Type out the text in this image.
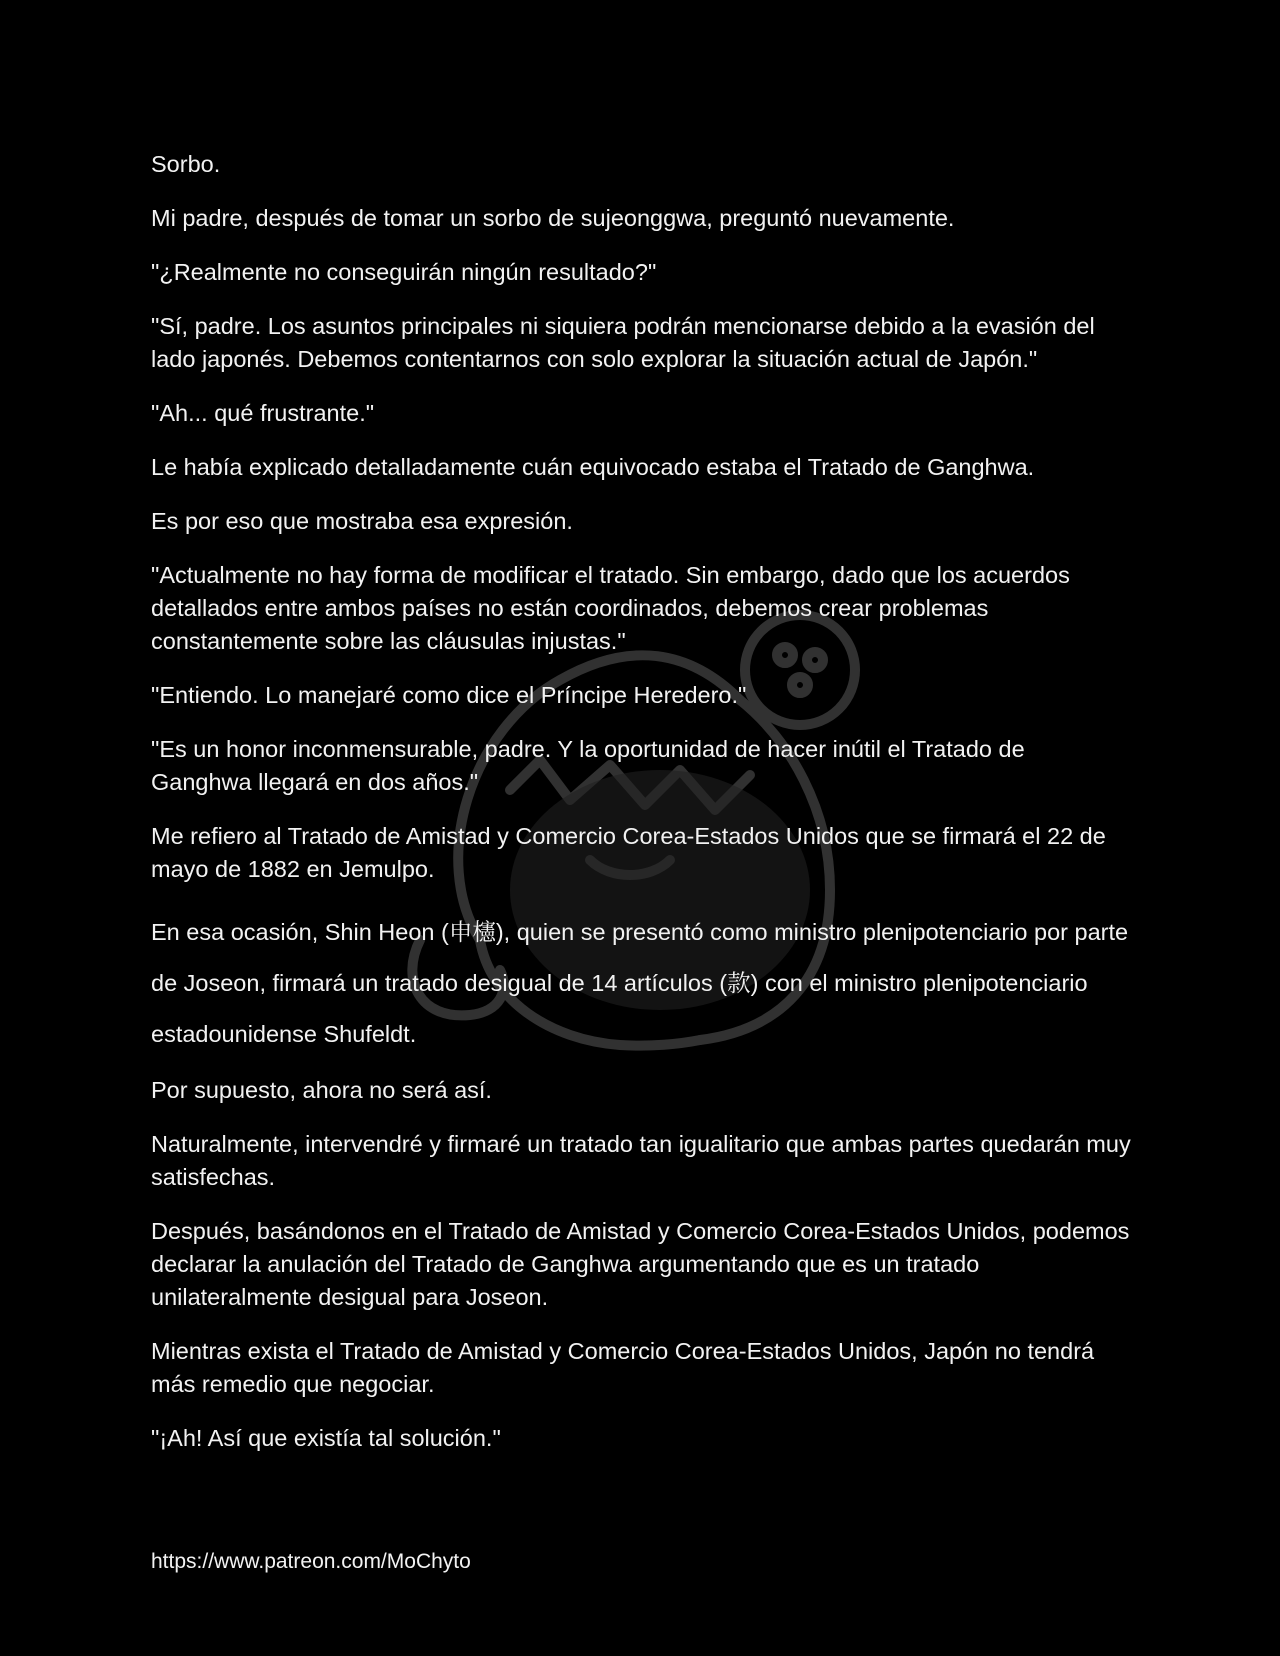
Sorbo.

Mi padre, después de tomar un sorbo de sujeonggwa, preguntó nuevamente.

"¿Realmente no conseguirán ningún resultado?"

"Sí, padre. Los asuntos principales ni siquiera podrán mencionarse debido a la evasión del lado japonés. Debemos contentarnos con solo explorar la situación actual de Japón."

"Ah... qué frustrante."

Le había explicado detalladamente cuán equivocado estaba el Tratado de Ganghwa.

Es por eso que mostraba esa expresión.

"Actualmente no hay forma de modificar el tratado. Sin embargo, dado que los acuerdos detallados entre ambos países no están coordinados, debemos crear problemas constantemente sobre las cláusulas injustas."

"Entiendo. Lo manejaré como dice el Príncipe Heredero."

"Es un honor inconmensurable, padre. Y la oportunidad de hacer inútil el Tratado de Ganghwa llegará en dos años."

Me refiero al Tratado de Amistad y Comercio Corea-Estados Unidos que se firmará el 22 de mayo de 1882 en Jemulpo.

En esa ocasión, Shin Heon (申櫶), quien se presentó como ministro plenipotenciario por parte de Joseon, firmará un tratado desigual de 14 artículos (款) con el ministro plenipotenciario estadounidense Shufeldt.

Por supuesto, ahora no será así.

Naturalmente, intervendré y firmaré un tratado tan igualitario que ambas partes quedarán muy satisfechas.

Después, basándonos en el Tratado de Amistad y Comercio Corea-Estados Unidos, podemos declarar la anulación del Tratado de Ganghwa argumentando que es un tratado unilateralmente desigual para Joseon.

Mientras exista el Tratado de Amistad y Comercio Corea-Estados Unidos, Japón no tendrá más remedio que negociar.

"¡Ah! Así que existía tal solución."

https://www.patreon.com/MoChyto
